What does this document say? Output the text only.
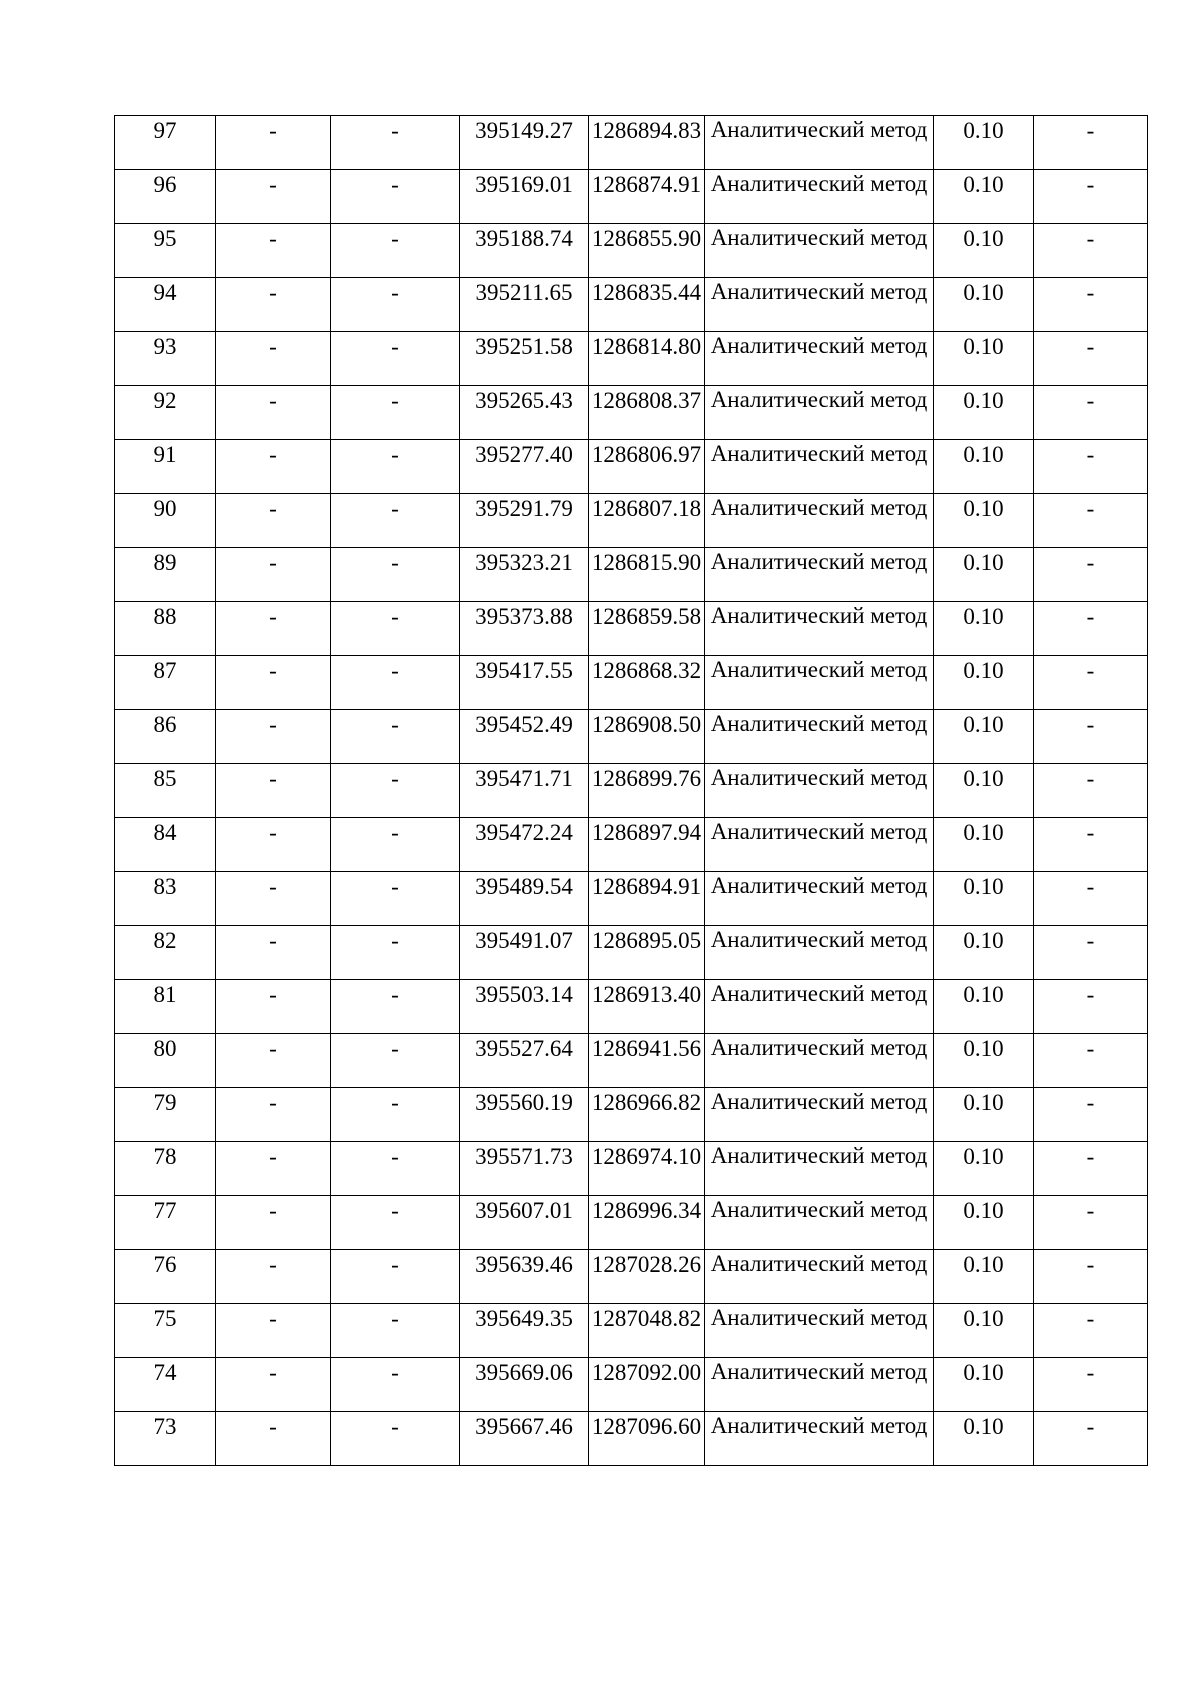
97	-	-	395149.27	1286894.83	Аналитический метод	0.10	-
96	-	-	395169.01	1286874.91	Аналитический метод	0.10	-
95	-	-	395188.74	1286855.90	Аналитический метод	0.10	-
94	-	-	395211.65	1286835.44	Аналитический метод	0.10	-
93	-	-	395251.58	1286814.80	Аналитический метод	0.10	-
92	-	-	395265.43	1286808.37	Аналитический метод	0.10	-
91	-	-	395277.40	1286806.97	Аналитический метод	0.10	-
90	-	-	395291.79	1286807.18	Аналитический метод	0.10	-
89	-	-	395323.21	1286815.90	Аналитический метод	0.10	-
88	-	-	395373.88	1286859.58	Аналитический метод	0.10	-
87	-	-	395417.55	1286868.32	Аналитический метод	0.10	-
86	-	-	395452.49	1286908.50	Аналитический метод	0.10	-
85	-	-	395471.71	1286899.76	Аналитический метод	0.10	-
84	-	-	395472.24	1286897.94	Аналитический метод	0.10	-
83	-	-	395489.54	1286894.91	Аналитический метод	0.10	-
82	-	-	395491.07	1286895.05	Аналитический метод	0.10	-
81	-	-	395503.14	1286913.40	Аналитический метод	0.10	-
80	-	-	395527.64	1286941.56	Аналитический метод	0.10	-
79	-	-	395560.19	1286966.82	Аналитический метод	0.10	-
78	-	-	395571.73	1286974.10	Аналитический метод	0.10	-
77	-	-	395607.01	1286996.34	Аналитический метод	0.10	-
76	-	-	395639.46	1287028.26	Аналитический метод	0.10	-
75	-	-	395649.35	1287048.82	Аналитический метод	0.10	-
74	-	-	395669.06	1287092.00	Аналитический метод	0.10	-
73	-	-	395667.46	1287096.60	Аналитический метод	0.10	-
